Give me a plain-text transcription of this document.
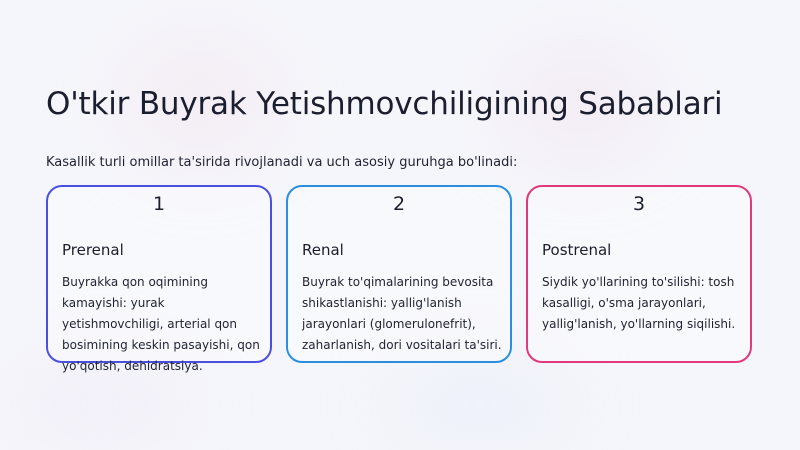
O'tkir Buyrak Yetishmovchiligining Sabablari
Kasallik turli omillar ta'sirida rivojlanadi va uch asosiy guruhga bo'linadi:
1
Prerenal
Buyrakka qon oqimining kamayishi: yurak yetishmovchiligi, arterial qon bosimining keskin pasayishi, qon yo'qotish, dehidratsiya.
2
Renal
Buyrak to'qimalarining bevosita shikastlanishi: yallig'lanish jarayonlari (glomerulonefrit), zaharlanish, dori vositalari ta'siri.
3
Postrenal
Siydik yo'llarining to'silishi: tosh kasalligi, o'sma jarayonlari, yallig'lanish, yo'llarning siqilishi.
